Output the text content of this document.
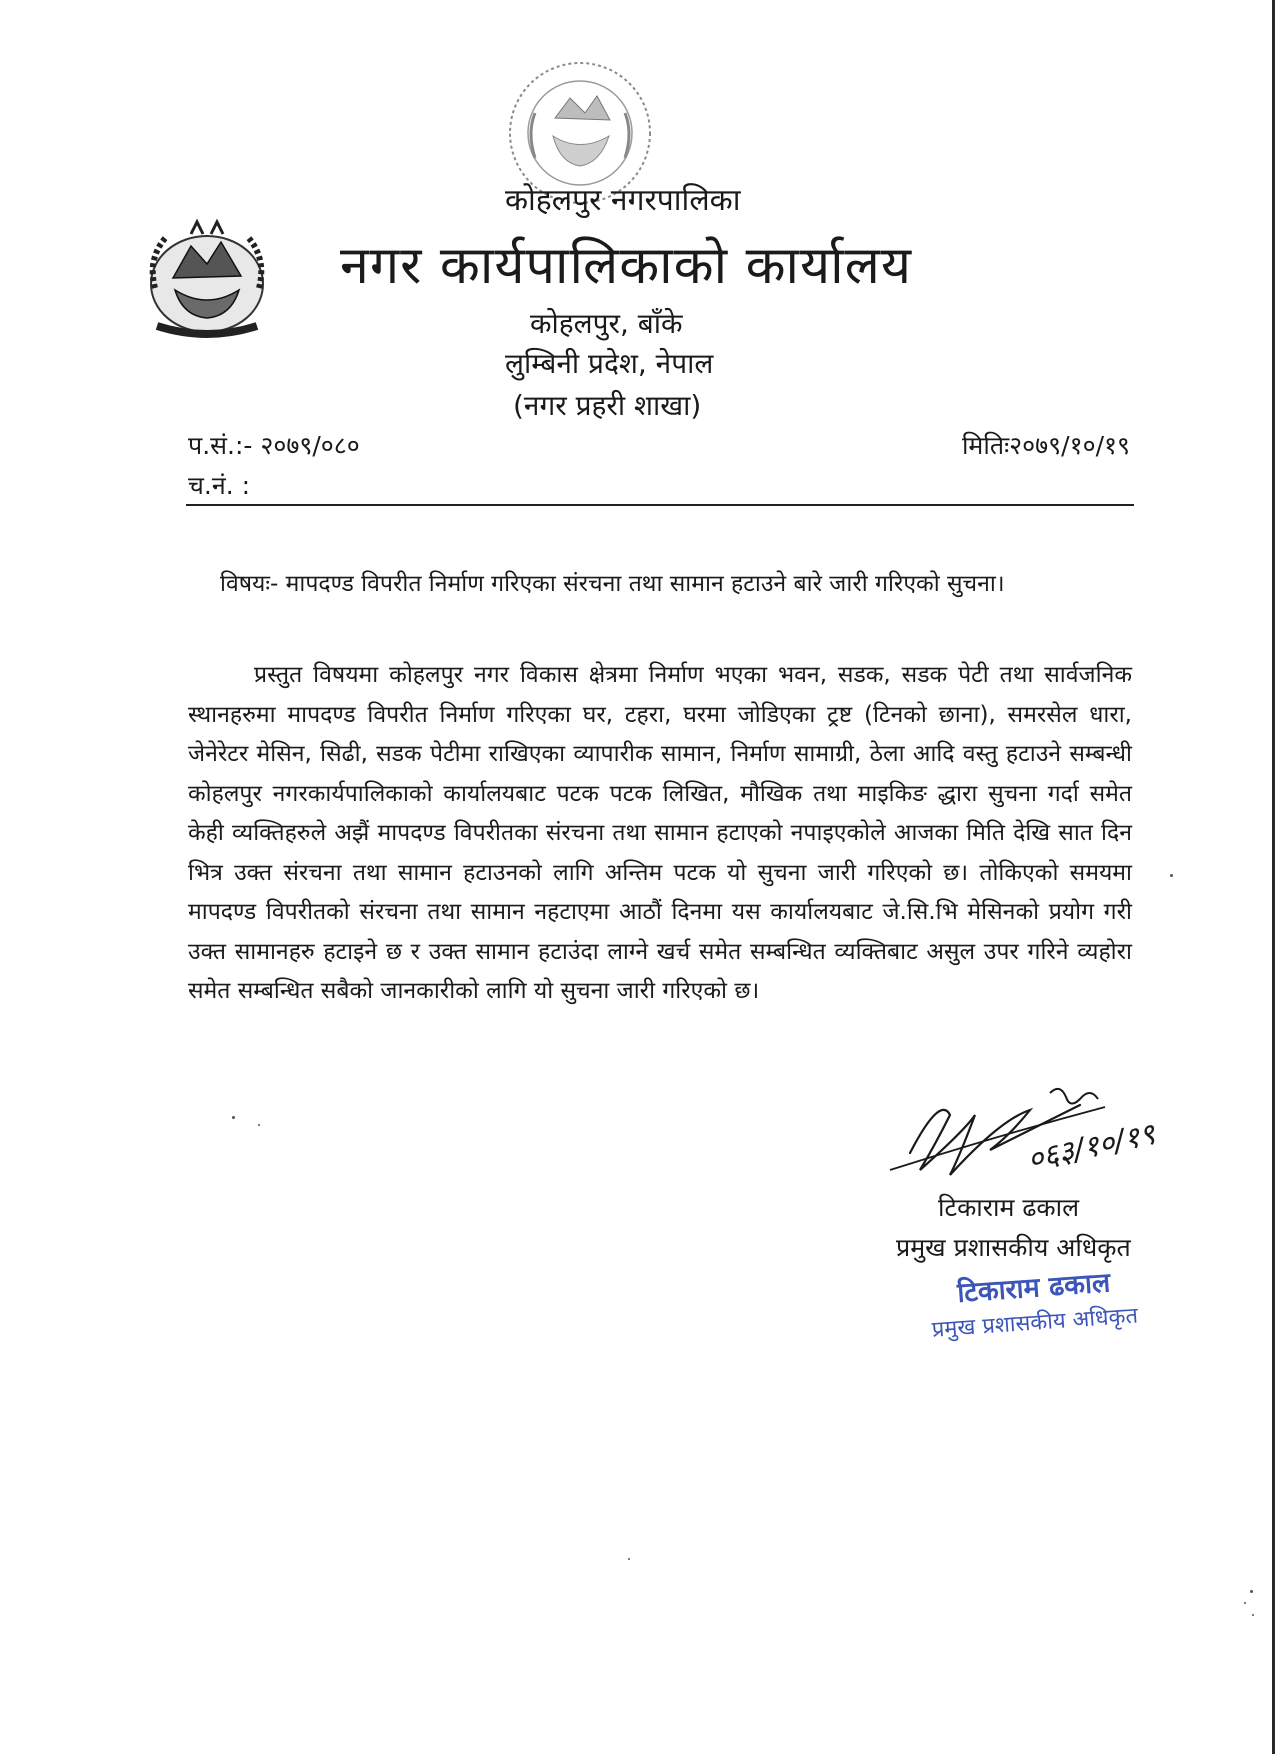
कोहलपुर नगरपालिका
नगर कार्यपालिकाको कार्यालय
कोहलपुर, बाँके
लुम्बिनी प्रदेश, नेपाल
(नगर प्रहरी शाखा)
प.सं.:- २०७९/०८०
च.नं. :
मितिः२०७९/१०/१९
विषयः- मापदण्ड विपरीत निर्माण गरिएका संरचना तथा सामान हटाउने बारे जारी गरिएको सुचना।
प्रस्तुत विषयमा कोहलपुर नगर विकास क्षेत्रमा निर्माण भएका भवन, सडक, सडक पेटी तथा सार्वजनिक स्थानहरुमा मापदण्ड विपरीत निर्माण गरिएका घर, टहरा, घरमा जोडिएका ट्रष्ट (टिनको छाना), समरसेल धारा, जेनेरेटर मेसिन, सिढी, सडक पेटीमा राखिएका व्यापारीक सामान, निर्माण सामाग्री, ठेला आदि वस्तु हटाउने सम्बन्धी कोहलपुर नगरकार्यपालिकाको कार्यालयबाट पटक पटक लिखित, मौखिक तथा माइकिङ द्धारा सुचना गर्दा समेत केही व्यक्तिहरुले अझैं मापदण्ड विपरीतका संरचना तथा सामान हटाएको नपाइएकोले आजका मिति देखि सात दिन भित्र उक्त संरचना तथा सामान हटाउनको लागि अन्तिम पटक यो सुचना जारी गरिएको छ। तोकिएको समयमा मापदण्ड विपरीतको संरचना तथा सामान नहटाएमा आठौं दिनमा यस कार्यालयबाट जे.सि.भि मेसिनको प्रयोग गरी उक्त सामानहरु हटाइने छ र उक्त सामान हटाउंदा लाग्ने खर्च समेत सम्बन्धित व्यक्तिबाट असुल उपर गरिने व्यहोरा समेत सम्बन्धित सबैको जानकारीको लागि यो सुचना जारी गरिएको छ।
०६३/१०/१९
टिकाराम ढकाल
प्रमुख प्रशासकीय अधिकृत
टिकाराम ढकाल
प्रमुख प्रशासकीय अधिकृत
